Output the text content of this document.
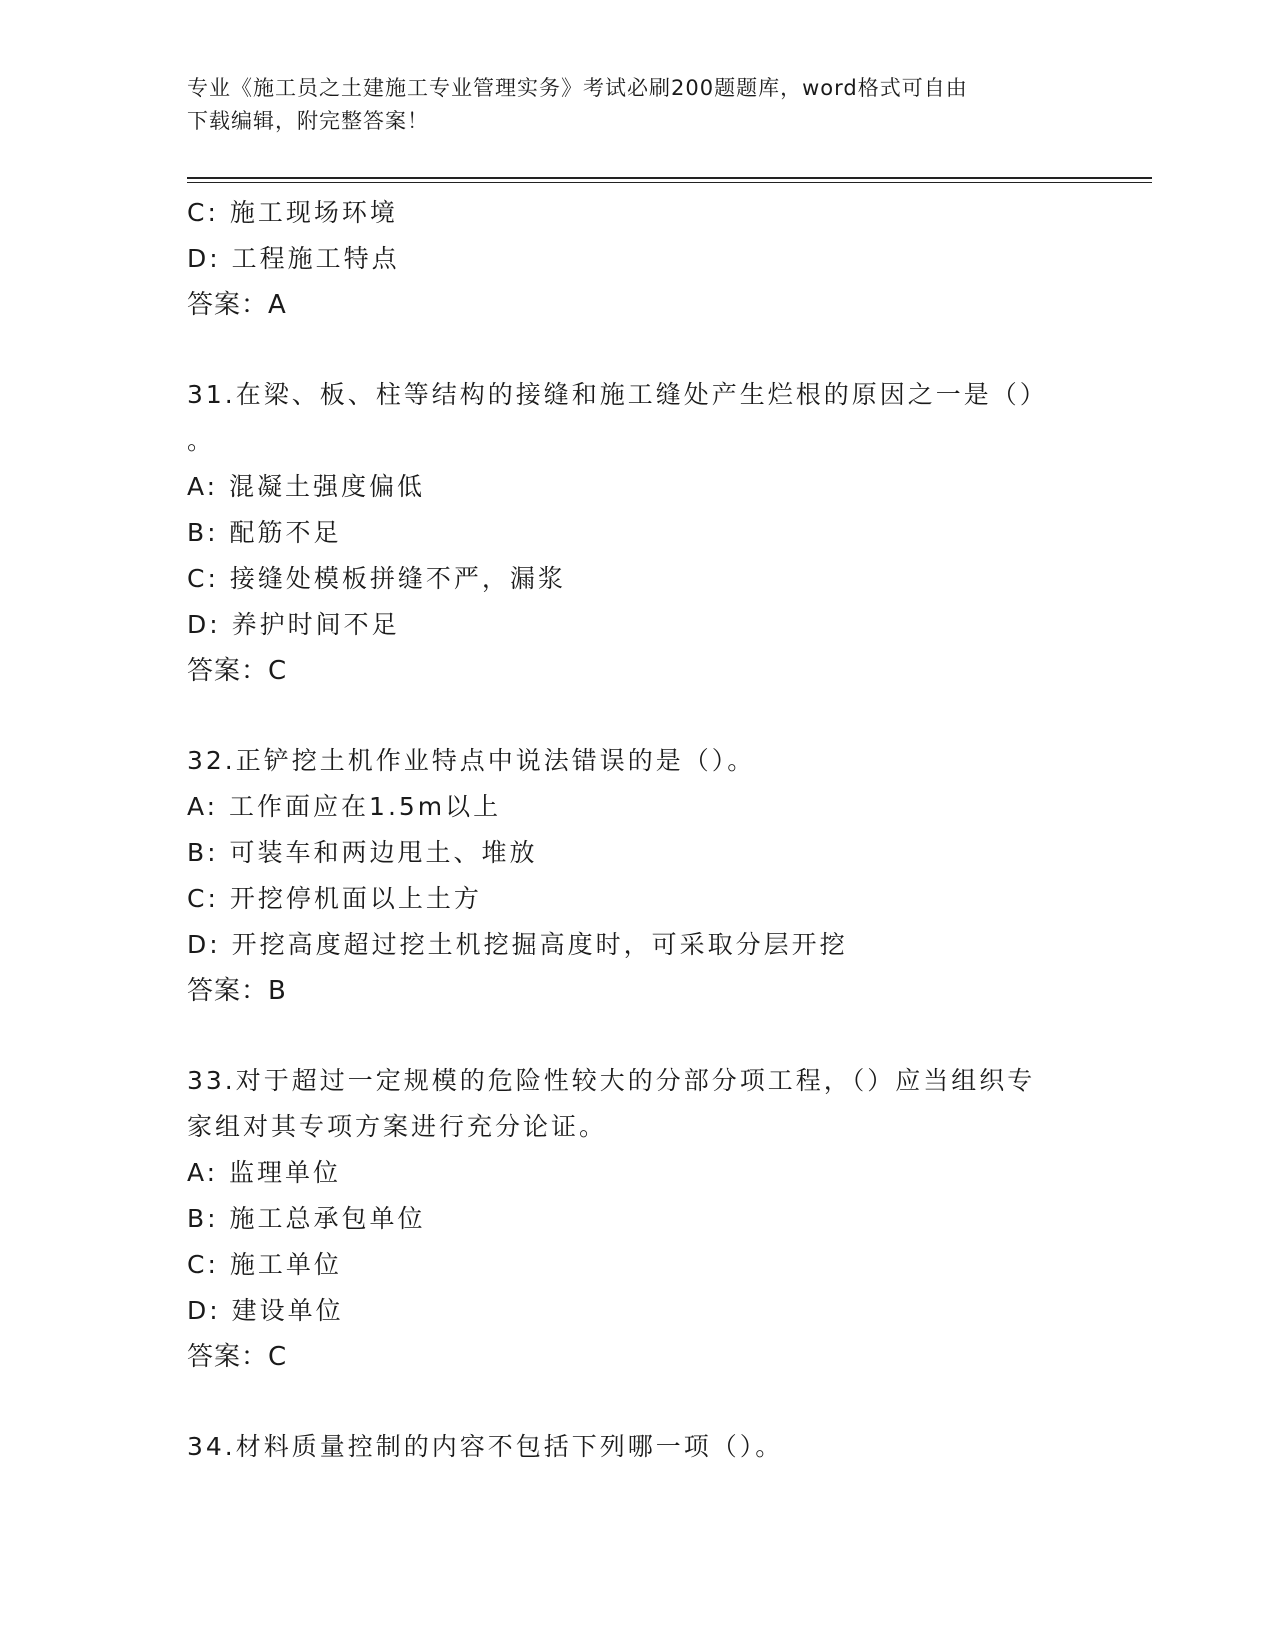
专业《施工员之土建施工专业管理实务》考试必刷200题题库，word格式可自由
下载编辑，附完整答案！
C: 施工现场环境
D: 工程施工特点
答案：A
31.在梁、板、柱等结构的接缝和施工缝处产生烂根的原因之一是（）
。
A: 混凝土强度偏低
B: 配筋不足
C: 接缝处模板拼缝不严，漏浆
D: 养护时间不足
答案：C
32.正铲挖土机作业特点中说法错误的是（）。
A: 工作面应在1.5m以上
B: 可装车和两边甩土、堆放
C: 开挖停机面以上土方
D: 开挖高度超过挖土机挖掘高度时，可采取分层开挖
答案：B
33.对于超过一定规模的危险性较大的分部分项工程，（）应当组织专
家组对其专项方案进行充分论证。
A: 监理单位
B: 施工总承包单位
C: 施工单位
D: 建设单位
答案：C
34.材料质量控制的内容不包括下列哪一项（）。
